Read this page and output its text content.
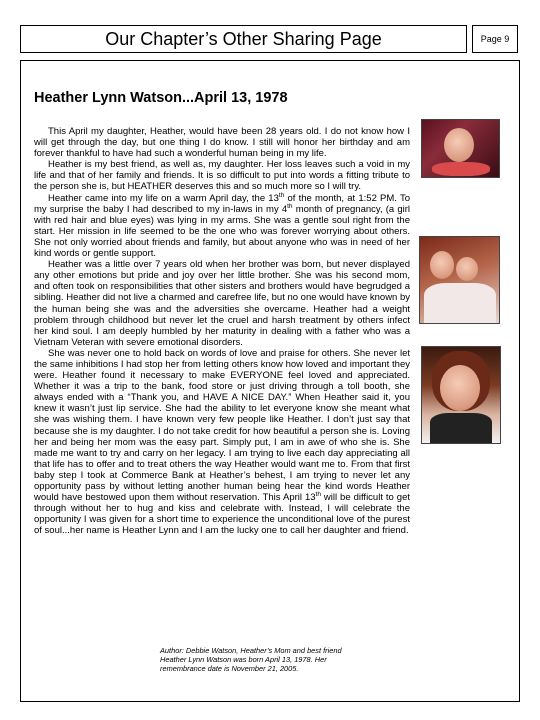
Our Chapter’s Other Sharing Page	Page 9
Heather Lynn Watson...April 13, 1978

This April my daughter, Heather, would have been 28 years old. I do not know how I will get through the day, but one thing I do know. I still will honor her birthday and am forever thankful to have had such a wonderful human being in my life.

Heather is my best friend, as well as, my daughter. Her loss leaves such a void in my life and that of her family and friends. It is so difficult to put into words a fitting tribute to the person she is, but HEATHER deserves this and so much more so I will try.

Heather came into my life on a warm April day, the 13th of the month, at 1:52 PM. To my surprise the baby I had described to my in-laws in my 4th month of pregnancy, (a girl with red hair and blue eyes) was lying in my arms. She was a gentle soul right from the start. Her mission in life seemed to be the one who was forever worrying about others. She not only worried about friends and family, but about anyone who was in need of her kind words or gentle support.

Heather was a little over 7 years old when her brother was born, but never displayed any other emotions but pride and joy over her little brother. She was his second mom, and often took on responsibilities that other sisters and brothers would have begrudged a sibling. Heather did not live a charmed and carefree life, but no one would have known by the human being she was and the adversities she overcame. Heather had a weight problem through childhood but never let the cruel and harsh treatment by others infect her kind soul. I am deeply humbled by her maturity in dealing with a father who was a Vietnam Veteran with severe emotional disorders.

She was never one to hold back on words of love and praise for others. She never let the same inhibitions I had stop her from letting others know how loved and important they were. Heather found it necessary to make EVERYONE feel loved and appreciated. Whether it was a trip to the bank, food store or just driving through a toll booth, she always ended with a “Thank you, and HAVE A NICE DAY.” When Heather said it, you knew it wasn’t just lip service. She had the ability to let everyone know she meant what she was wishing them. I have known very few people like Heather. I don’t just say that because she is my daughter. I do not take credit for how beautiful a person she is. Loving her and being her mom was the easy part. Simply put, I am in awe of who she is. She made me want to try and carry on her legacy. I am trying to live each day appreciating all that life has to offer and to treat others the way Heather would want me to. From that first baby step I took at Commerce Bank at Heather’s behest, I am trying to never let any opportunity pass by without letting another human being hear the kind words Heather would have bestowed upon them without reservation. This April 13th will be difficult to get through without her to hug and kiss and celebrate with. Instead, I will celebrate the opportunity I was given for a short time to experience the unconditional love of the purest of soul...her name is Heather Lynn and I am the lucky one to call her daughter and friend.

Author: Debbie Watson, Heather’s Mom and best friend
Heather Lynn Watson was born April 13, 1978. Her
remembrance date is November 21, 2005.
